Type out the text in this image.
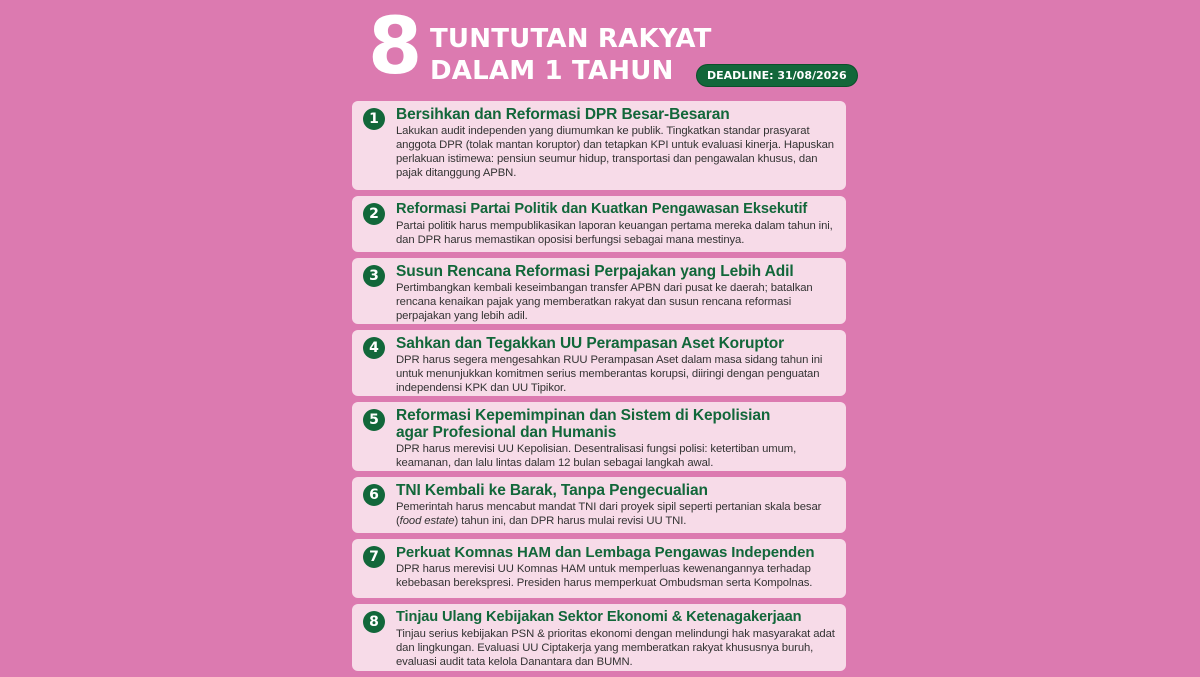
8 TUNTUTAN RAKYAT
DALAM 1 TAHUN	DEADLINE: 31/08/2026
1	Bersihkan dan Reformasi DPR Besar-Besaran
Lakukan audit independen yang diumumkan ke publik. Tingkatkan standar prasyarat anggota DPR (tolak mantan koruptor) dan tetapkan KPI untuk evaluasi kinerja. Hapuskan perlakuan istimewa: pensiun seumur hidup, transportasi dan pengawalan khusus, dan pajak ditanggung APBN.
2	Reformasi Partai Politik dan Kuatkan Pengawasan Eksekutif
Partai politik harus mempublikasikan laporan keuangan pertama mereka dalam tahun ini, dan DPR harus memastikan oposisi berfungsi sebagai mana mestinya.
3	Susun Rencana Reformasi Perpajakan yang Lebih Adil
Pertimbangkan kembali keseimbangan transfer APBN dari pusat ke daerah; batalkan rencana kenaikan pajak yang memberatkan rakyat dan susun rencana reformasi perpajakan yang lebih adil.
4	Sahkan dan Tegakkan UU Perampasan Aset Koruptor
DPR harus segera mengesahkan RUU Perampasan Aset dalam masa sidang tahun ini untuk menunjukkan komitmen serius memberantas korupsi, diiringi dengan penguatan independensi KPK dan UU Tipikor.
5	Reformasi Kepemimpinan dan Sistem di Kepolisian
agar Profesional dan Humanis
DPR harus merevisi UU Kepolisian. Desentralisasi fungsi polisi: ketertiban umum, keamanan, dan lalu lintas dalam 12 bulan sebagai langkah awal.
6	TNI Kembali ke Barak, Tanpa Pengecualian
Pemerintah harus mencabut mandat TNI dari proyek sipil seperti pertanian skala besar (food estate) tahun ini, dan DPR harus mulai revisi UU TNI.
7	Perkuat Komnas HAM dan Lembaga Pengawas Independen
DPR harus merevisi UU Komnas HAM untuk memperluas kewenangannya terhadap kebebasan berekspresi. Presiden harus memperkuat Ombudsman serta Kompolnas.
8	Tinjau Ulang Kebijakan Sektor Ekonomi & Ketenagakerjaan
Tinjau serius kebijakan PSN & prioritas ekonomi dengan melindungi hak masyarakat adat dan lingkungan. Evaluasi UU Ciptakerja yang memberatkan rakyat khususnya buruh, evaluasi audit tata kelola Danantara dan BUMN.
